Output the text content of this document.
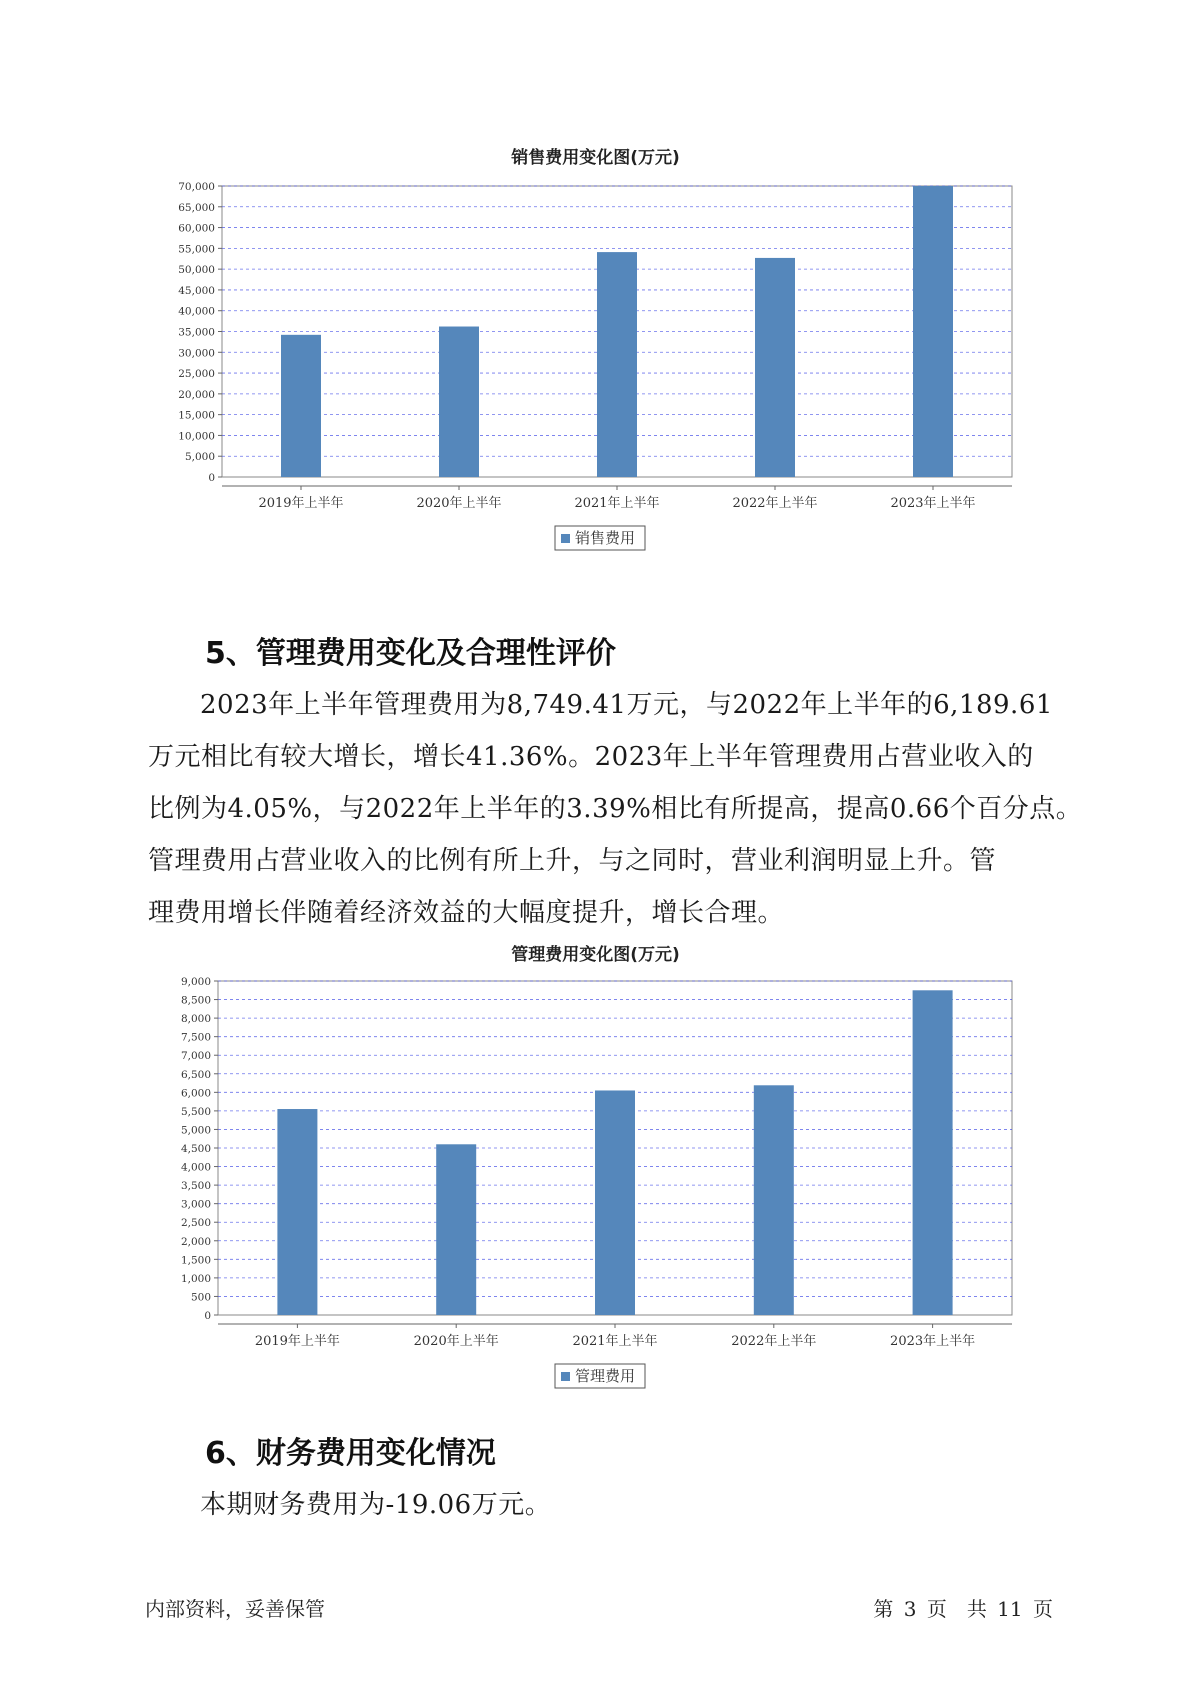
销售费用变化图(万元)
0
5,000
10,000
15,000
20,000
25,000
30,000
35,000
40,000
45,000
50,000
55,000
60,000
65,000
70,000
2019年上半年	2020年上半年	2021年上半年	2022年上半年	2023年上半年
销售费用
5、管理费用变化及合理性评价
2023年上半年管理费用为8,749.41万元，与2022年上半年的6,189.61
万元相比有较大增长，增长41.36%。2023年上半年管理费用占营业收入的
比例为4.05%，与2022年上半年的3.39%相比有所提高，提高0.66个百分点。
管理费用占营业收入的比例有所上升，与之同时，营业利润明显上升。管
理费用增长伴随着经济效益的大幅度提升，增长合理。
管理费用变化图(万元)
0
500
1,000
1,500
2,000
2,500
3,000
3,500
4,000
4,500
5,000
5,500
6,000
6,500
7,000
7,500
8,000
8,500
9,000
2019年上半年	2020年上半年	2021年上半年	2022年上半年	2023年上半年
管理费用
6、财务费用变化情况
本期财务费用为-19.06万元。
内部资料，妥善保管	第 3 页　共 11 页
